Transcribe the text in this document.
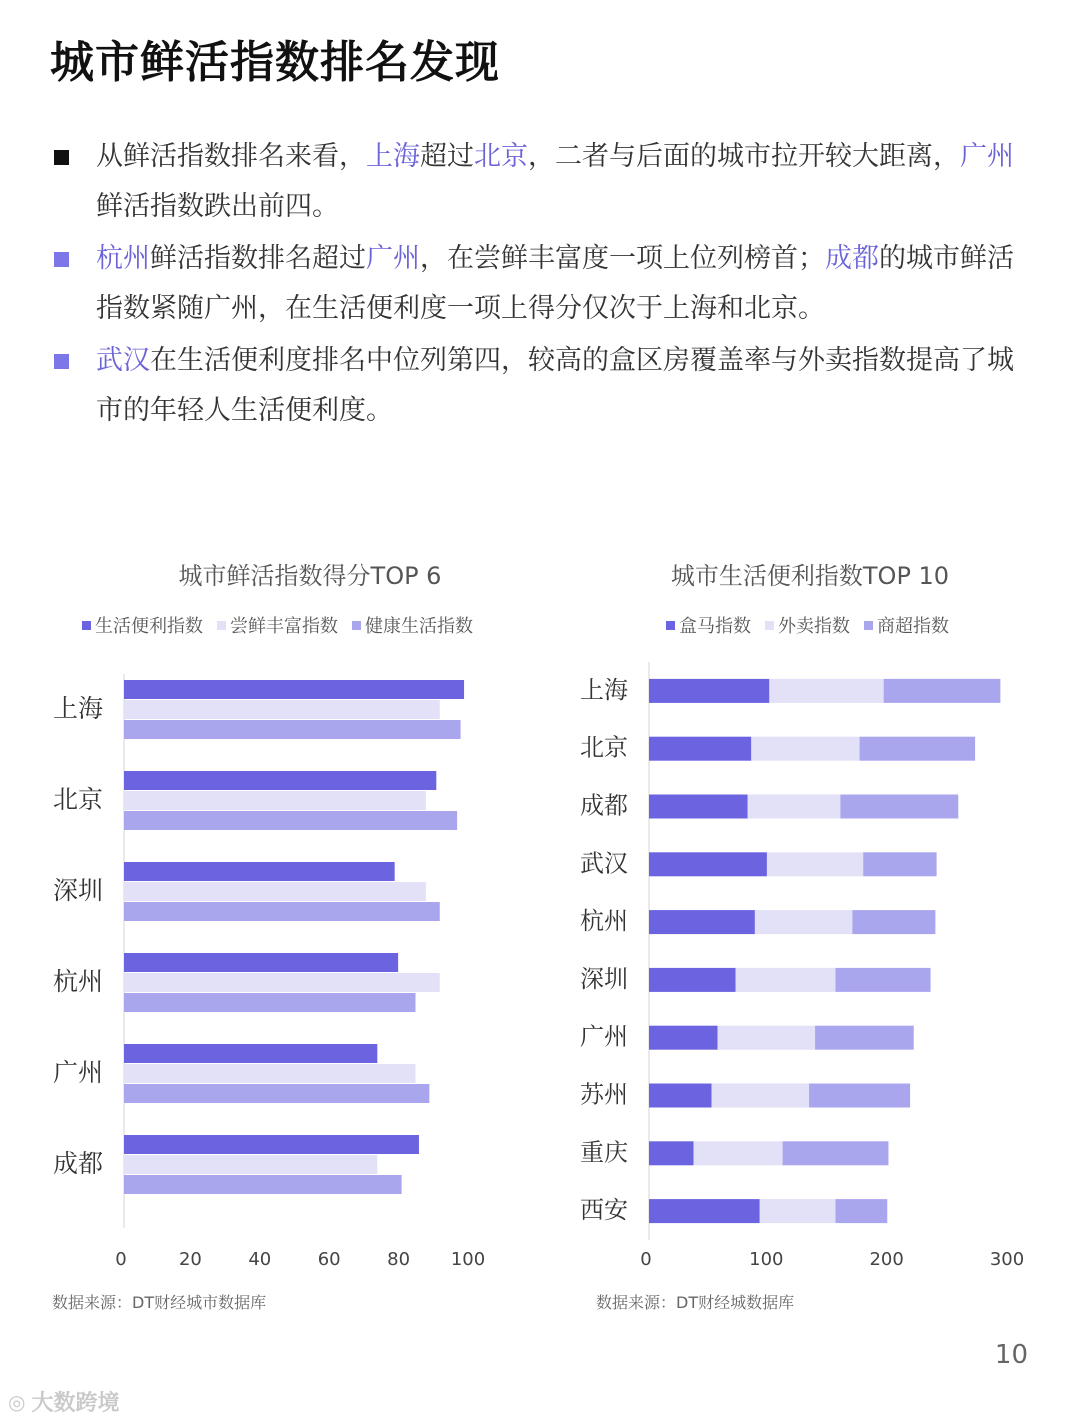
城市鲜活指数排名发现
从鲜活指数排名来看，上海超过北京，二者与后面的城市拉开较大距离，广州鲜活指数跌出前四。
杭州鲜活指数排名超过广州，在尝鲜丰富度一项上位列榜首；成都的城市鲜活指数紧随广州，在生活便利度一项上得分仅次于上海和北京。
武汉在生活便利度排名中位列第四，较高的盒区房覆盖率与外卖指数提高了城市的年轻人生活便利度。
城市鲜活指数得分TOP 6
生活便利指数 尝鲜丰富指数 健康生活指数
上海
北京
深圳
杭州
广州
成都
0	20	40	60	80 100
数据来源：DT财经城市数据库
城市生活便利指数TOP 10
盒马指数 外卖指数 商超指数
上海
北京
成都
武汉
杭州
深圳
广州
苏州
重庆
西安
0	100	200	300
数据来源：DT财经城数据库
10
◎ 大数跨境
